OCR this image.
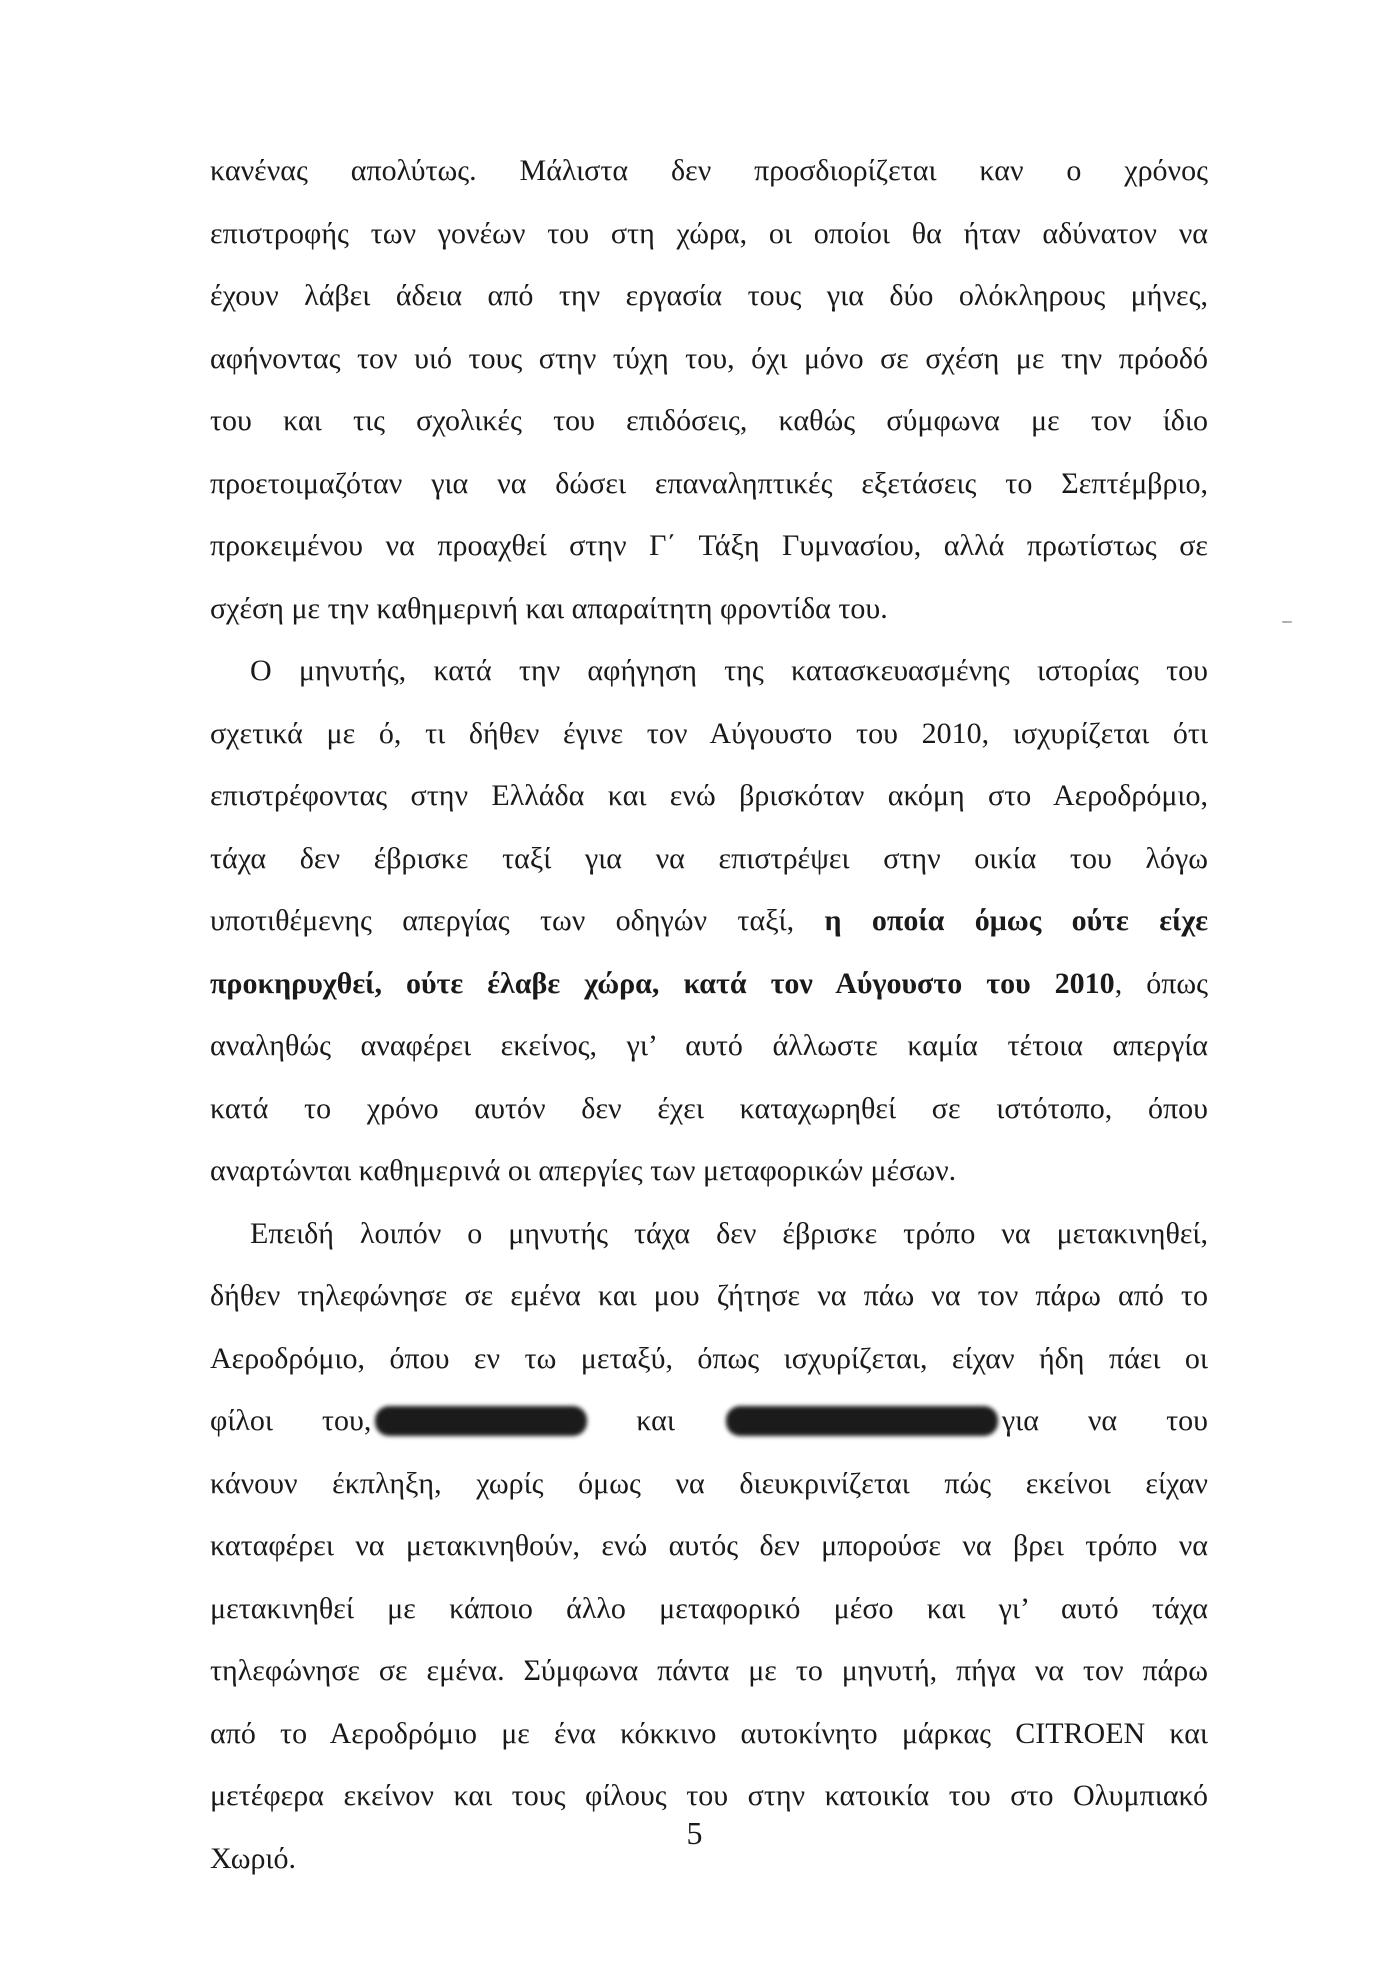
κανένας απολύτως. Μάλιστα δεν προσδιορίζεται καν ο χρόνος
επιστροφής των γονέων του στη χώρα, οι οποίοι θα ήταν αδύνατον να
έχουν λάβει άδεια από την εργασία τους για δύο ολόκληρους μήνες,
αφήνοντας τον υιό τους στην τύχη του, όχι μόνο σε σχέση με την πρόοδό
του και τις σχολικές του επιδόσεις, καθώς σύμφωνα με τον ίδιο
προετοιμαζόταν για να δώσει επαναληπτικές εξετάσεις το Σεπτέμβριο,
προκειμένου να προαχθεί στην Γ΄ Τάξη Γυμνασίου, αλλά πρωτίστως σε
σχέση με την καθημερινή και απαραίτητη φροντίδα του.
Ο μηνυτής, κατά την αφήγηση της κατασκευασμένης ιστορίας του
σχετικά με ό, τι δήθεν έγινε τον Αύγουστο του 2010, ισχυρίζεται ότι
επιστρέφοντας στην Ελλάδα και ενώ βρισκόταν ακόμη στο Αεροδρόμιο,
τάχα δεν έβρισκε ταξί για να επιστρέψει στην οικία του λόγω
υποτιθέμενης απεργίας των οδηγών ταξί, η οποία όμως ούτε είχε
προκηρυχθεί, ούτε έλαβε χώρα, κατά τον Αύγουστο του 2010, όπως
αναληθώς αναφέρει εκείνος, γι’ αυτό άλλωστε καμία τέτοια απεργία
κατά το χρόνο αυτόν δεν έχει καταχωρηθεί σε ιστότοπο, όπου
αναρτώνται καθημερινά οι απεργίες των μεταφορικών μέσων.
Επειδή λοιπόν ο μηνυτής τάχα δεν έβρισκε τρόπο να μετακινηθεί,
δήθεν τηλεφώνησε σε εμένα και μου ζήτησε να πάω να τον πάρω από το
Αεροδρόμιο, όπου εν τω μεταξύ, όπως ισχυρίζεται, είχαν ήδη πάει οι
φίλοι του,	και	για να του
κάνουν έκπληξη, χωρίς όμως να διευκρινίζεται πώς εκείνοι είχαν
καταφέρει να μετακινηθούν, ενώ αυτός δεν μπορούσε να βρει τρόπο να
μετακινηθεί με κάποιο άλλο μεταφορικό μέσο και γι’ αυτό τάχα
τηλεφώνησε σε εμένα. Σύμφωνα πάντα με το μηνυτή, πήγα να τον πάρω
από το Αεροδρόμιο με ένα κόκκινο αυτοκίνητο μάρκας CITROEN και
μετέφερα εκείνον και τους φίλους του στην κατοικία του στο Ολυμπιακό
Χωριό.
5
